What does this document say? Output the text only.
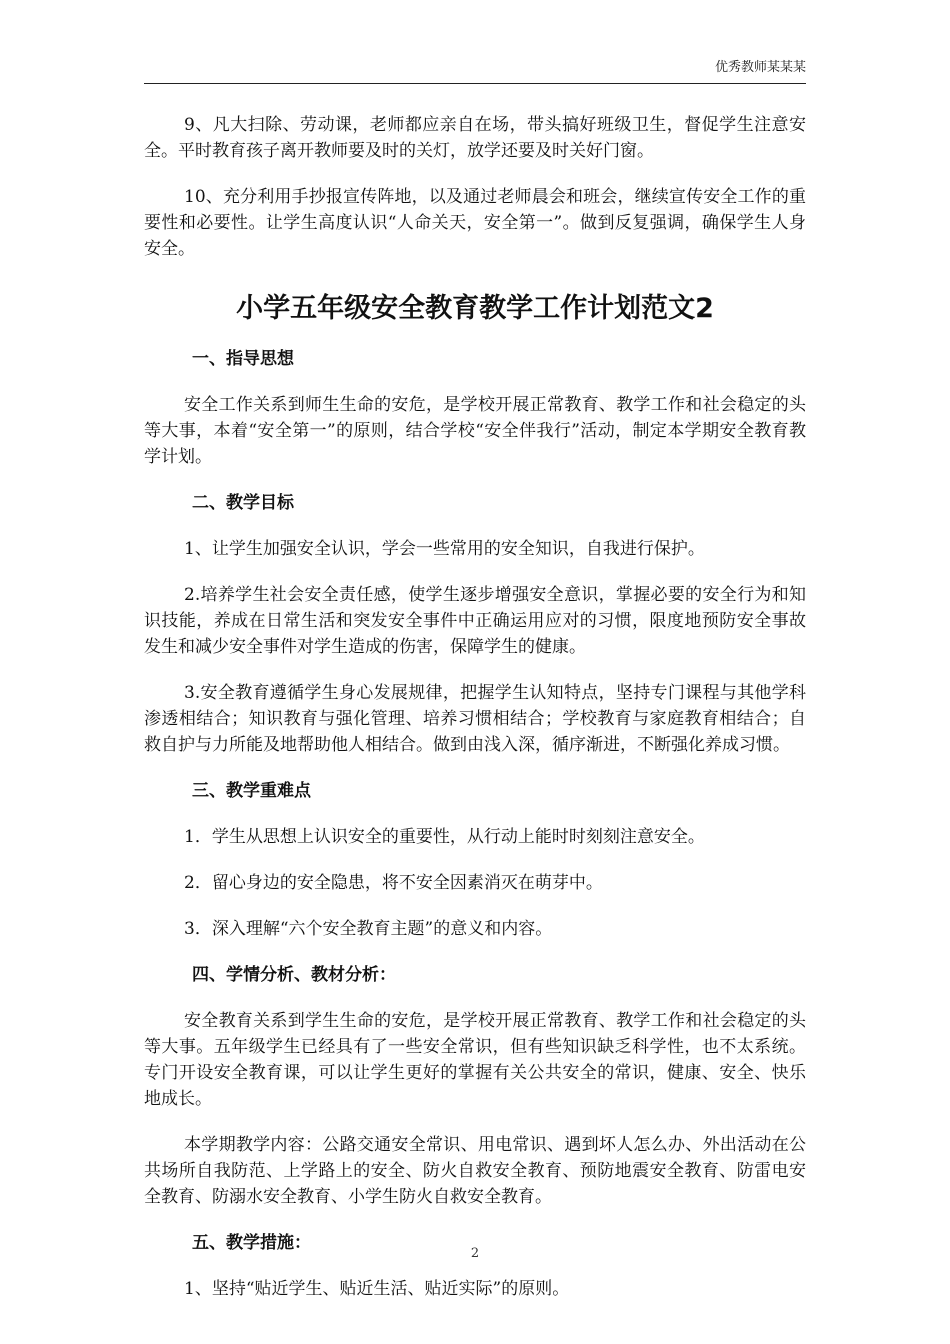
优秀教师某某某

9、凡大扫除、劳动课，老师都应亲自在场，带头搞好班级卫生，督促学生注意安全。平时教育孩子离开教师要及时的关灯，放学还要及时关好门窗。

10、充分利用手抄报宣传阵地，以及通过老师晨会和班会，继续宣传安全工作的重要性和必要性。让学生高度认识“人命关天，安全第一”。做到反复强调，确保学生人身安全。

小学五年级安全教育教学工作计划范文2
一、指导思想

安全工作关系到师生生命的安危，是学校开展正常教育、教学工作和社会稳定的头等大事，本着“安全第一”的原则，结合学校“安全伴我行”活动，制定本学期安全教育教学计划。

二、教学目标

1、让学生加强安全认识，学会一些常用的安全知识，自我进行保护。

2.培养学生社会安全责任感，使学生逐步增强安全意识，掌握必要的安全行为和知识技能，养成在日常生活和突发安全事件中正确运用应对的习惯，限度地预防安全事故发生和减少安全事件对学生造成的伤害，保障学生的健康。

3.安全教育遵循学生身心发展规律，把握学生认知特点，坚持专门课程与其他学科渗透相结合；知识教育与强化管理、培养习惯相结合；学校教育与家庭教育相结合；自救自护与力所能及地帮助他人相结合。做到由浅入深，循序渐进，不断强化养成习惯。

三、教学重难点

1．学生从思想上认识安全的重要性，从行动上能时时刻刻注意安全。

2．留心身边的安全隐患，将不安全因素消灭在萌芽中。

3．深入理解“六个安全教育主题”的意义和内容。

四、学情分析、教材分析：

安全教育关系到学生生命的安危，是学校开展正常教育、教学工作和社会稳定的头等大事。五年级学生已经具有了一些安全常识，但有些知识缺乏科学性，也不太系统。专门开设安全教育课，可以让学生更好的掌握有关公共安全的常识，健康、安全、快乐地成长。

本学期教学内容：公路交通安全常识、用电常识、遇到坏人怎么办、外出活动在公共场所自我防范、上学路上的安全、防火自救安全教育、预防地震安全教育、防雷电安全教育、防溺水安全教育、小学生防火自救安全教育。

五、教学措施：

1、坚持“贴近学生、贴近生活、贴近实际”的原则。

2
